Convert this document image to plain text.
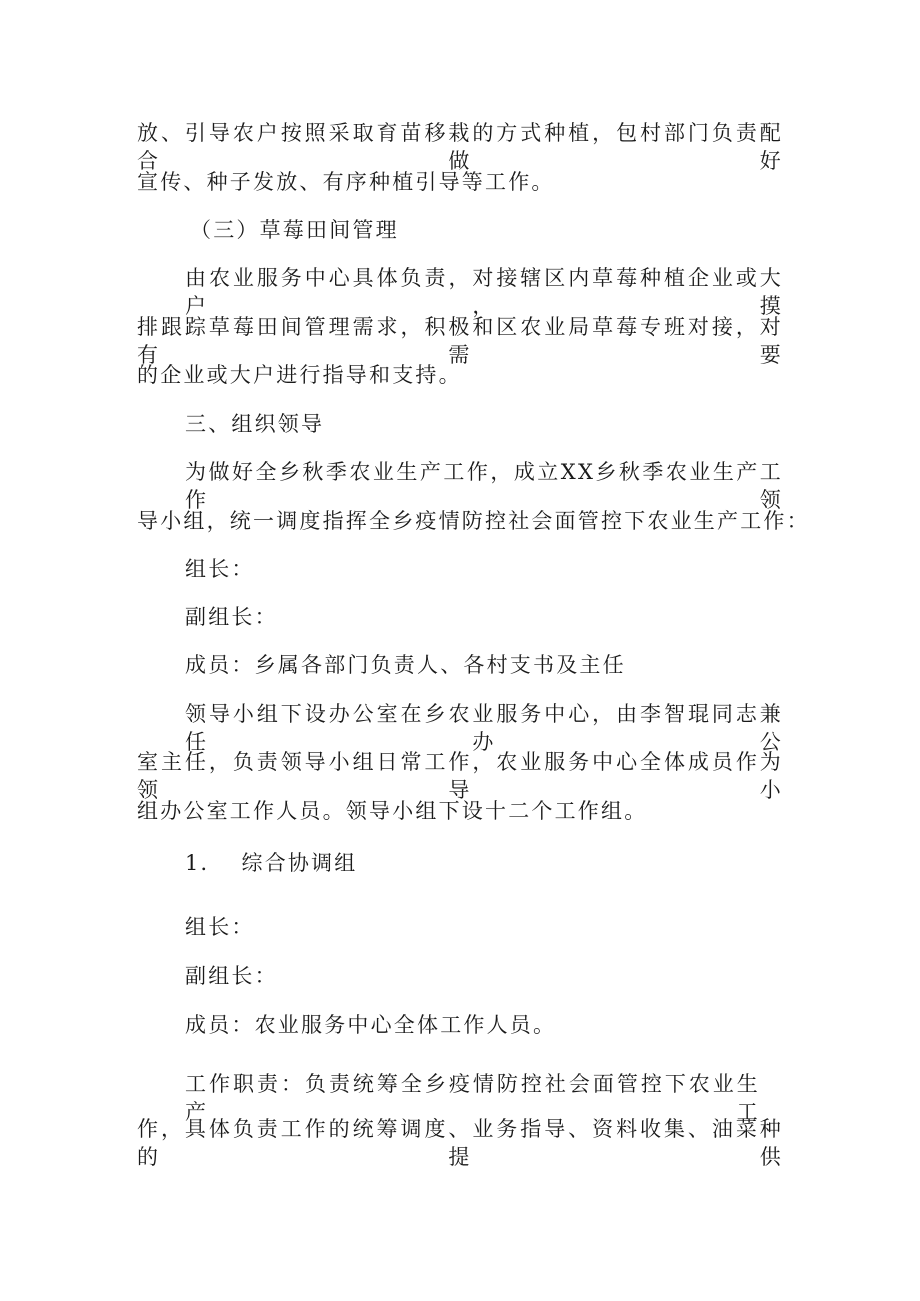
放、引导农户按照采取育苗移栽的方式种植，包村部门负责配合做好
宣传、种子发放、有序种植引导等工作。
（三）草莓田间管理
由农业服务中心具体负责，对接辖区内草莓种植企业或大户，摸
排跟踪草莓田间管理需求，积极和区农业局草莓专班对接，对有需要
的企业或大户进行指导和支持。
三、组织领导
为做好全乡秋季农业生产工作，成立XX乡秋季农业生产工作领
导小组，统一调度指挥全乡疫情防控社会面管控下农业生产工作：
组长：
副组长：
成员：乡属各部门负责人、各村支书及主任
领导小组下设办公室在乡农业服务中心，由李智琨同志兼任办公
室主任，负责领导小组日常工作，农业服务中心全体成员作为领导小
组办公室工作人员。领导小组下设十二个工作组。
1．  综合协调组
组长：
副组长：
成员：农业服务中心全体工作人员。
工作职责：负责统筹全乡疫情防控社会面管控下农业生产工
作，具体负责工作的统筹调度、业务指导、资料收集、油菜种的提供
